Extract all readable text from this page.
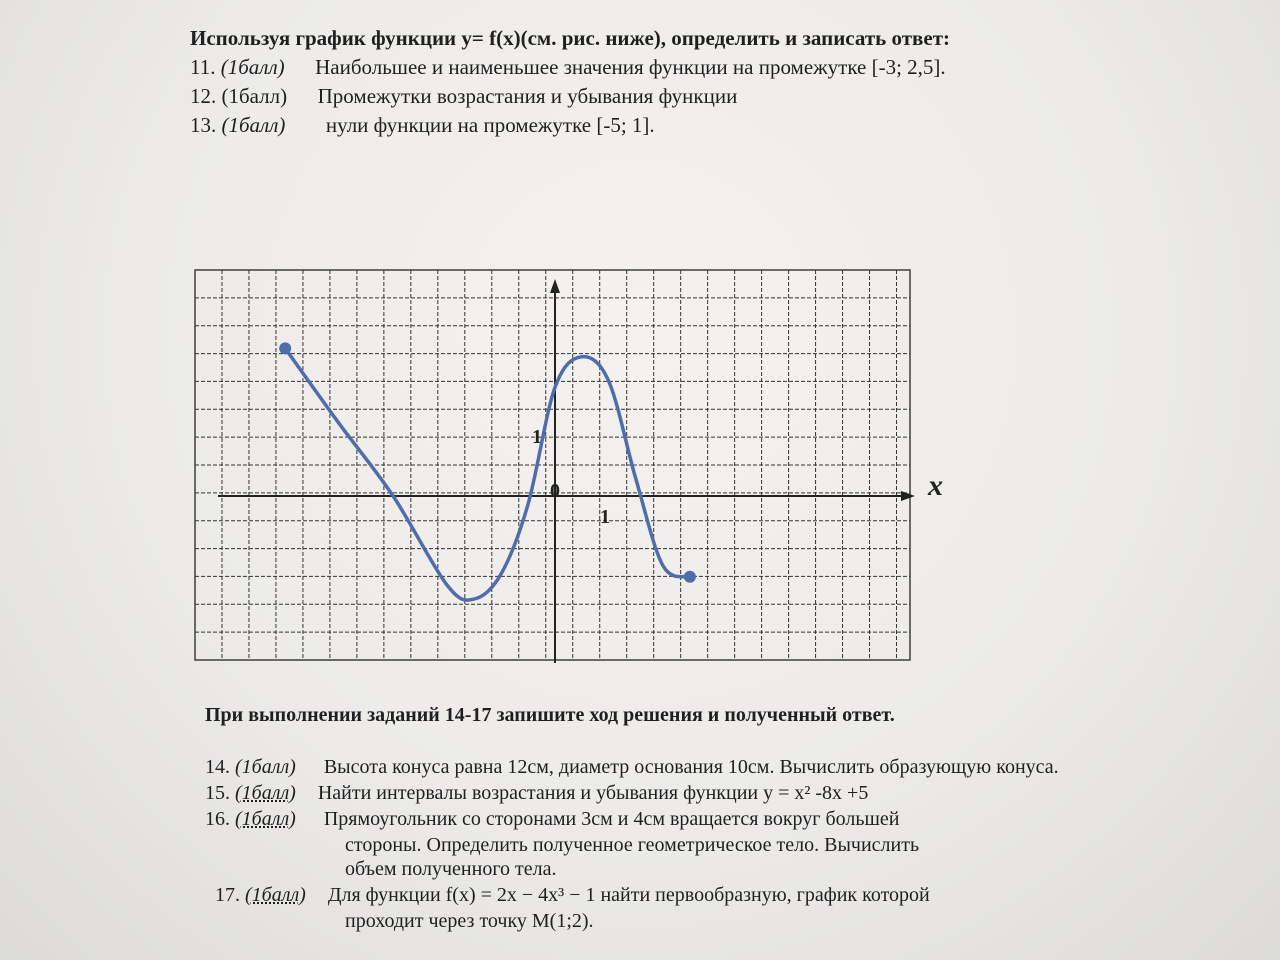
Используя график функции y= f(x)(см. рис. ниже), определить и записать ответ:
11. (1балл) Наибольшее и наименьшее значения функции на промежутке [-3; 2,5].
12. (1балл) Промежутки возрастания и убывания функции
13. (1балл) нули функции на промежутке [-5; 1].
x
0
1
1
При выполнении заданий 14-17 запишите ход решения и полученный ответ.
14. (1балл) Высота конуса равна 12см, диаметр основания 10см. Вычислить образующую конуса.
15. (1балл) Найти интервалы возрастания и убывания функции у = x² -8x +5
16. (1балл) Прямоугольник со сторонами 3см и 4см вращается вокруг большей
стороны. Определить полученное геометрическое тело. Вычислить
объем полученного тела.
17. (1балл) Для функции f(x) = 2x − 4x³ − 1 найти первообразную, график которой
проходит через точку М(1;2).
